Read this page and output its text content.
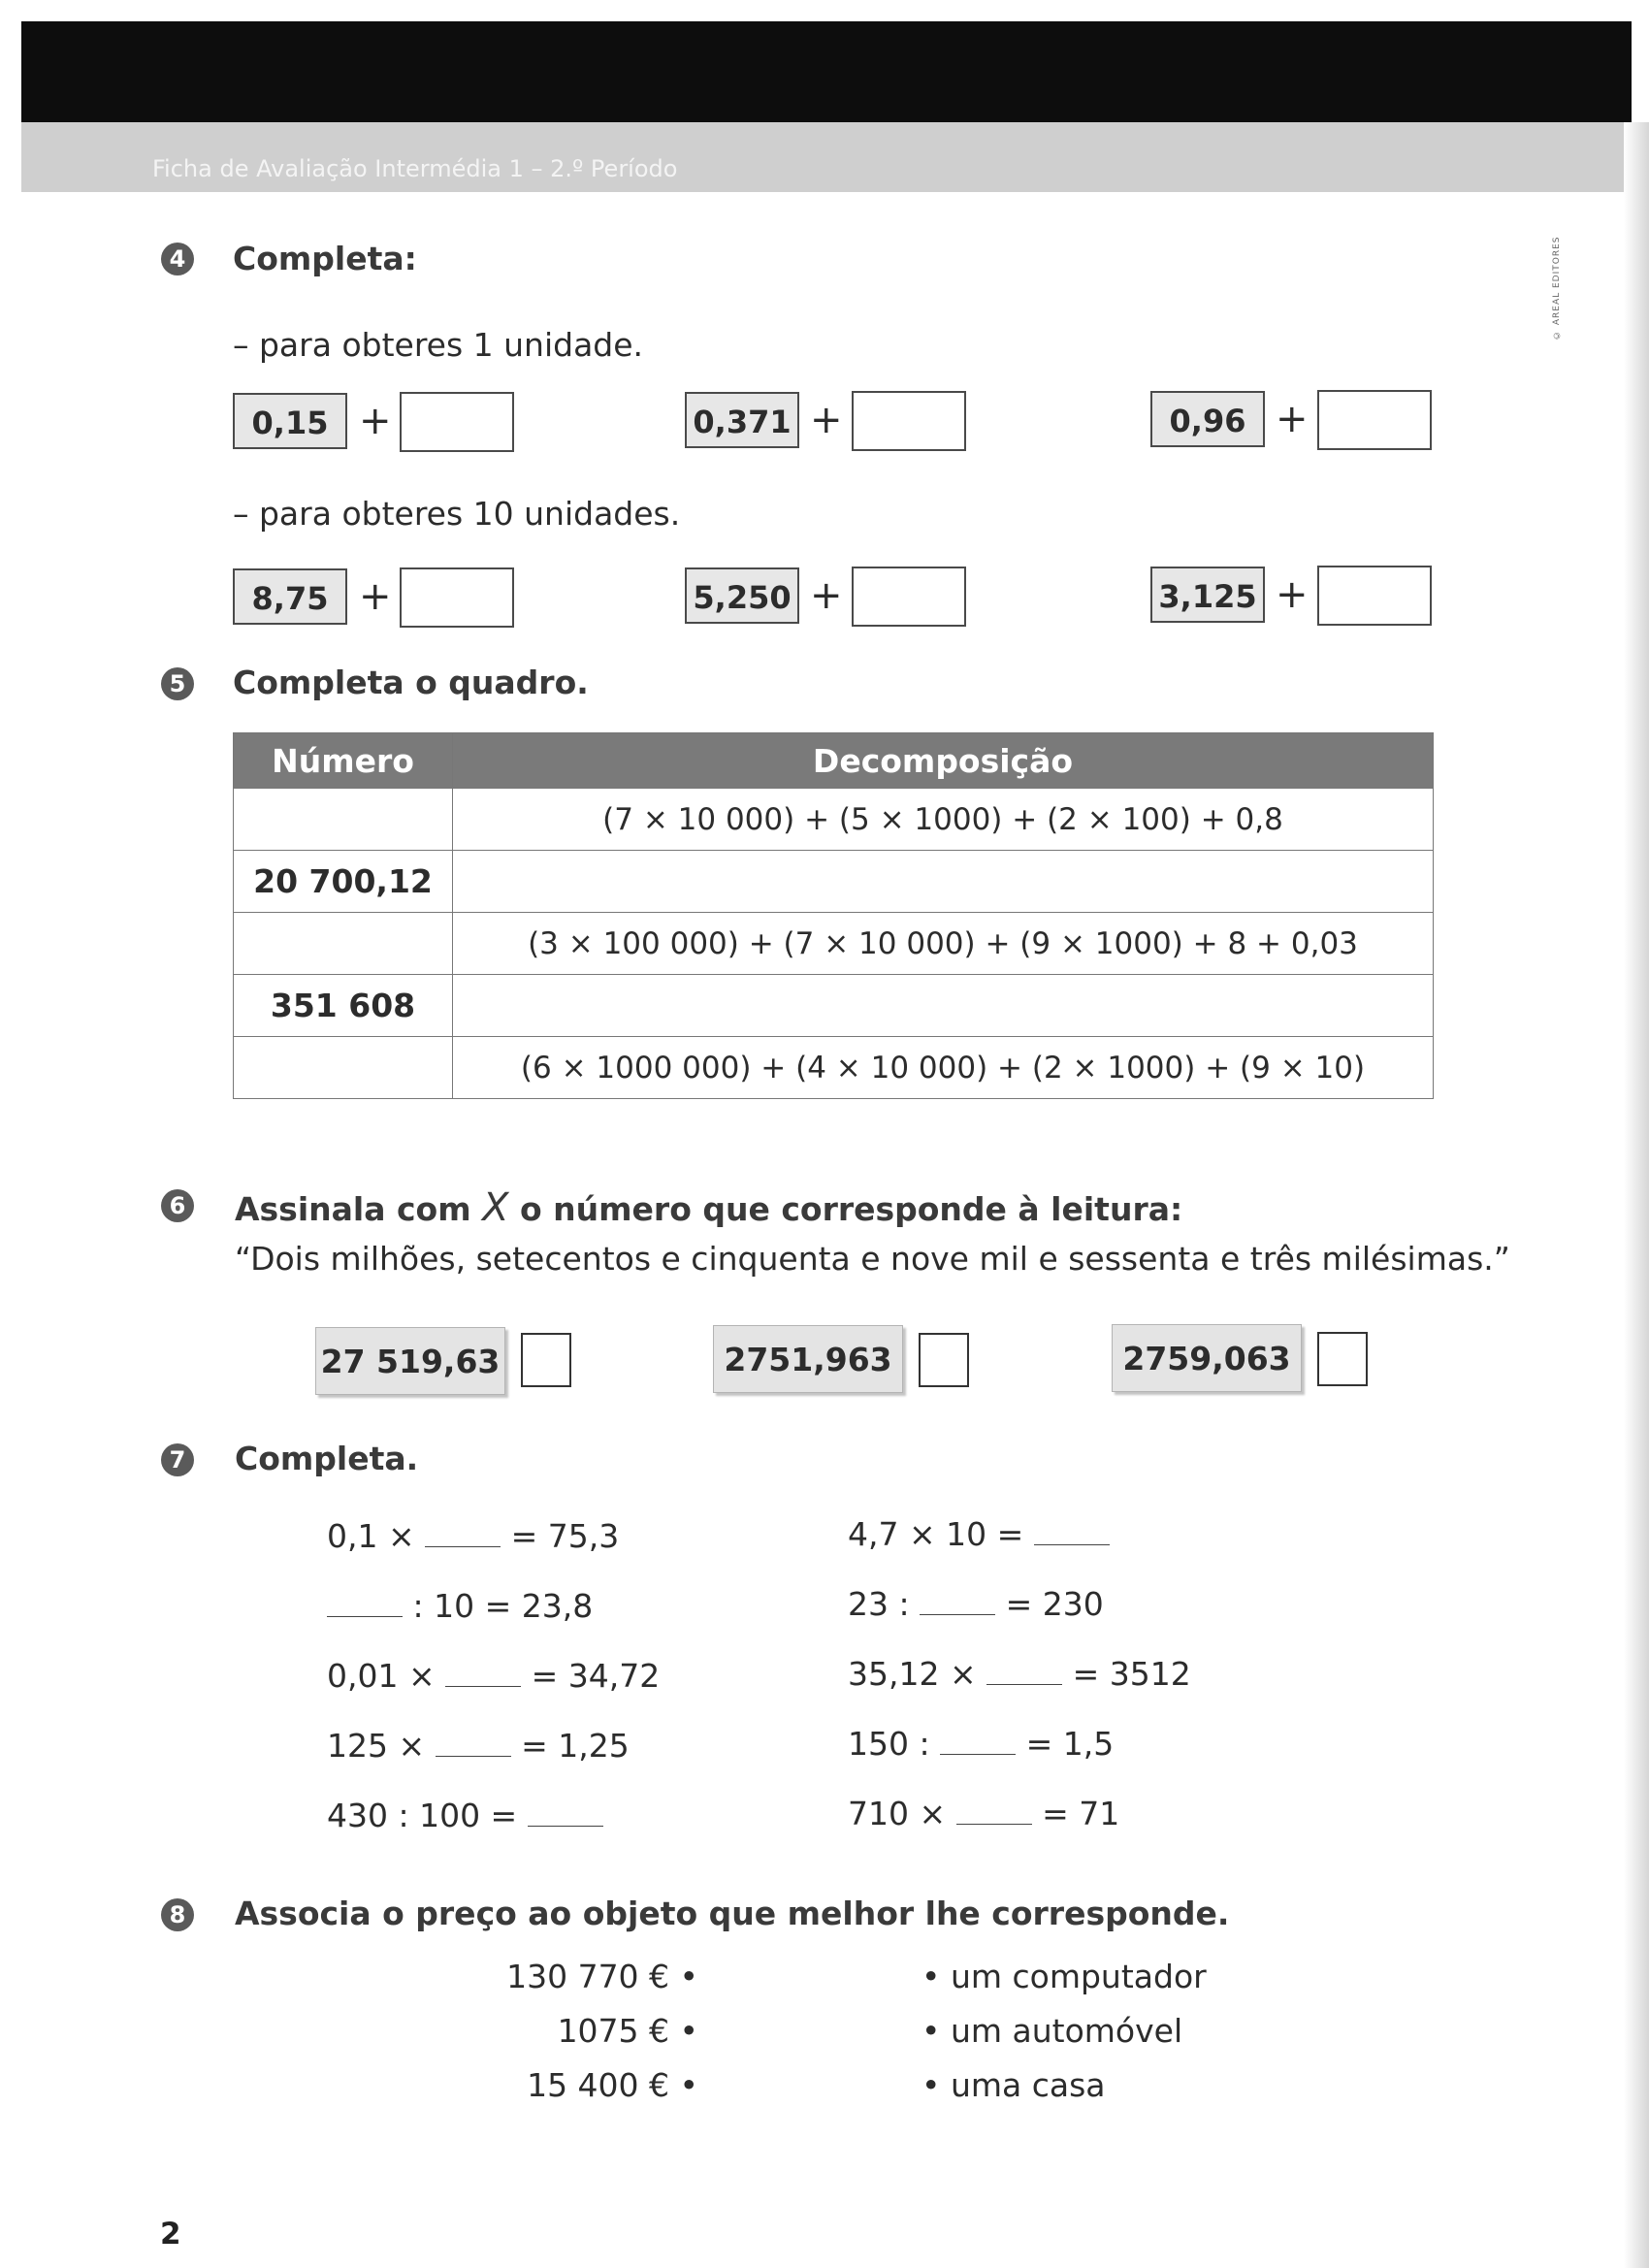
Ficha de Avaliação Intermédia 1 – 2.º Período
© AREAL EDITORES
4 Completa:
– para obteres 1 unidade.
0,15 +	0,371 +	0,96 +
– para obteres 10 unidades.
8,75 +	5,250 +	3,125 +
5 Completa o quadro.
Número	Decomposição
	(7 × 10 000) + (5 × 1000) + (2 × 100) + 0,8
20 700,12	
	(3 × 100 000) + (7 × 10 000) + (9 × 1000) + 8 + 0,03
351 608	
	(6 × 1000 000) + (4 × 10 000) + (2 × 1000) + (9 × 10)
6 Assinala com X o número que corresponde à leitura:
“Dois milhões, setecentos e cinquenta e nove mil e sessenta e três milésimas.”
27 519,63	2751,963	2759,063
7 Completa.
0,1 ×	= 75,3
: 10 = 23,8
0,01 ×	= 34,72
125 ×	= 1,25
430 : 100 =
4,7 × 10 =
23 :	= 230
35,12 ×	= 3512
150 :	= 1,5
710 ×	= 71
8 Associa o preço ao objeto que melhor lhe corresponde.
130 770 € •
1075 € •
15 400 € •
• um computador
• um automóvel
• uma casa
2
